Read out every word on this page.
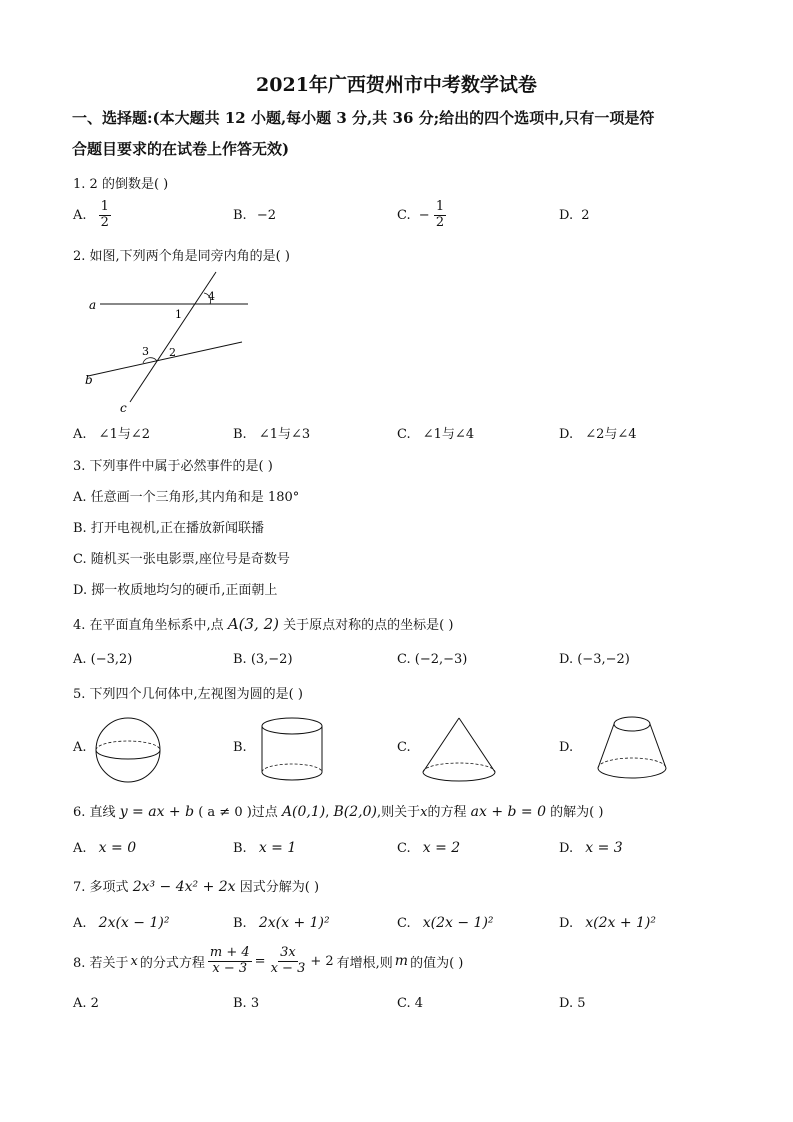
2021年广西贺州市中考数学试卷
一、选择题:(本大题共 12 小题,每小题 3 分,共 36 分;给出的四个选项中,只有一项是符
合题目要求的在试卷上作答无效)
1. 2 的倒数是( )
A. $\frac{1}{2}$	B. −2	C. − $\frac{1}{2}$	D. 2
2. 如图,下列两个角是同旁内角的是( )
a
b
c
1
2
3
4
A. ∠1与∠2	B. ∠1与∠3	C. ∠1与∠4	D. ∠2与∠4
3. 下列事件中属于必然事件的是( )
A. 任意画一个三角形,其内角和是 180°
B. 打开电视机,正在播放新闻联播
C. 随机买一张电影票,座位号是奇数号
D. 掷一枚质地均匀的硬币,正面朝上
4. 在平面直角坐标系中,点 A(3, 2) 关于原点对称的点的坐标是( )
A. (−3,2)	B. (3,−2)	C. (−2,−3)	D. (−3,−2)
5. 下列四个几何体中,左视图为圆的是( )
A.	B.	C.	D.
6. 直线 y = ax + b ( a ≠ 0 )过点 A(0,1), B(2,0),则关于x的方程 ax + b = 0 的解为( )
A. x = 0	B. x = 1	C. x = 2	D. x = 3
7. 多项式 2x³ − 4x² + 2x 因式分解为( )
A. 2x(x − 1)²	B. 2x(x + 1)²	C. x(2x − 1)²	D. x(2x + 1)²
8. 若关于 x 的分式方程 $\frac{m + 4}{x - 3} = \frac{3x}{x - 3} + 2$ 有增根,则 m 的值为( )
A. 2	B. 3	C. 4	D. 5
